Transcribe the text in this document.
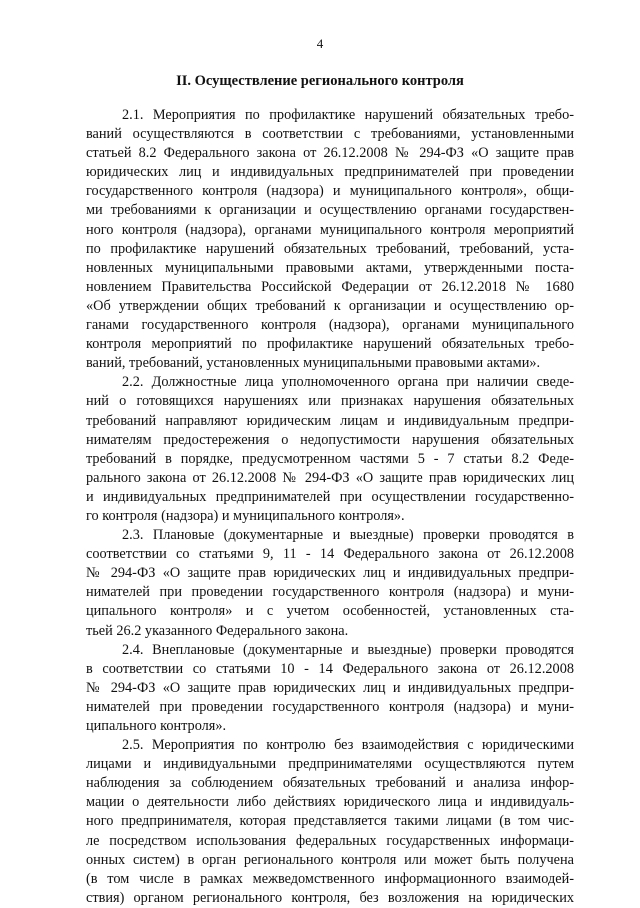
4
II. Осуществление регионального контроля
2.1. Мероприятия по профилактике нарушений обязательных требо-
ваний осуществляются в соответствии с требованиями, установленными
статьей 8.2 Федерального закона от 26.12.2008 № 294-ФЗ «О защите прав
юридических лиц и индивидуальных предпринимателей при проведении
государственного контроля (надзора) и муниципального контроля», общи-
ми требованиями к организации и осуществлению органами государствен-
ного контроля (надзора), органами муниципального контроля мероприятий
по профилактике нарушений обязательных требований, требований, уста-
новленных муниципальными правовыми актами, утвержденными поста-
новлением Правительства Российской Федерации от 26.12.2018 № 1680
«Об утверждении общих требований к организации и осуществлению ор-
ганами государственного контроля (надзора), органами муниципального
контроля мероприятий по профилактике нарушений обязательных требо-
ваний, требований, установленных муниципальными правовыми актами».
2.2. Должностные лица уполномоченного органа при наличии сведе-
ний о готовящихся нарушениях или признаках нарушения обязательных
требований направляют юридическим лицам и индивидуальным предпри-
нимателям предостережения о недопустимости нарушения обязательных
требований в порядке, предусмотренном частями 5 - 7 статьи 8.2 Феде-
рального закона от 26.12.2008 № 294-ФЗ «О защите прав юридических лиц
и индивидуальных предпринимателей при осуществлении государственно-
го контроля (надзора) и муниципального контроля».
2.3. Плановые (документарные и выездные) проверки проводятся в
соответствии со статьями 9, 11 - 14 Федерального закона от 26.12.2008
№ 294-ФЗ «О защите прав юридических лиц и индивидуальных предпри-
нимателей при проведении государственного контроля (надзора) и муни-
ципального контроля» и с учетом особенностей, установленных ста-
тьей 26.2 указанного Федерального закона.
2.4. Внеплановые (документарные и выездные) проверки проводятся
в соответствии со статьями 10 - 14 Федерального закона от 26.12.2008
№ 294-ФЗ «О защите прав юридических лиц и индивидуальных предпри-
нимателей при проведении государственного контроля (надзора) и муни-
ципального контроля».
2.5. Мероприятия по контролю без взаимодействия с юридическими
лицами и индивидуальными предпринимателями осуществляются путем
наблюдения за соблюдением обязательных требований и анализа инфор-
мации о деятельности либо действиях юридического лица и индивидуаль-
ного предпринимателя, которая представляется такими лицами (в том чис-
ле посредством использования федеральных государственных информаци-
онных систем) в орган регионального контроля или может быть получена
(в том числе в рамках межведомственного информационного взаимодей-
ствия) органом регионального контроля, без возложения на юридических
